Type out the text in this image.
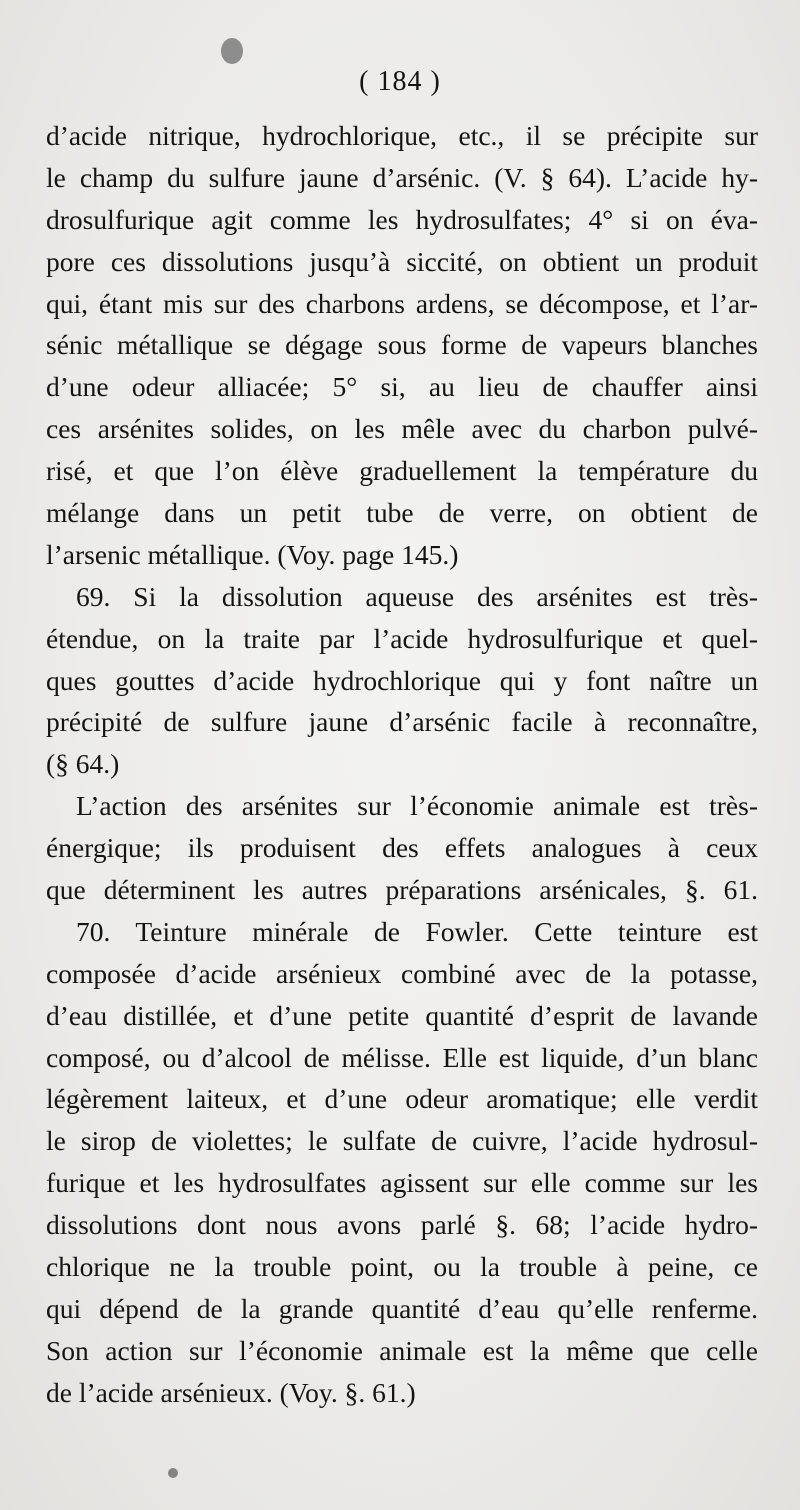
( 184 )
d’acide nitrique, hydrochlorique, etc., il se précipite sur
le champ du sulfure jaune d’arsénic. (V. § 64). L’acide hy-
drosulfurique agit comme les hydrosulfates; 4° si on éva-
pore ces dissolutions jusqu’à siccité, on obtient un produit
qui, étant mis sur des charbons ardens, se décompose, et l’ar-
sénic métallique se dégage sous forme de vapeurs blanches
d’une odeur alliacée; 5° si, au lieu de chauffer ainsi
ces arsénites solides, on les mêle avec du charbon pulvé-
risé, et que l’on élève graduellement la température du
mélange dans un petit tube de verre, on obtient de
l’arsenic métallique. (Voy. page 145.)
69. Si la dissolution aqueuse des arsénites est très-
étendue, on la traite par l’acide hydrosulfurique et quel-
ques gouttes d’acide hydrochlorique qui y font naître un
précipité de sulfure jaune d’arsénic facile à reconnaître,
(§ 64.)
L’action des arsénites sur l’économie animale est très-
énergique; ils produisent des effets analogues à ceux
que déterminent les autres préparations arsénicales, §. 61.
70. Teinture minérale de Fowler. Cette teinture est
composée d’acide arsénieux combiné avec de la potasse,
d’eau distillée, et d’une petite quantité d’esprit de lavande
composé, ou d’alcool de mélisse. Elle est liquide, d’un blanc
légèrement laiteux, et d’une odeur aromatique; elle verdit
le sirop de violettes; le sulfate de cuivre, l’acide hydrosul-
furique et les hydrosulfates agissent sur elle comme sur les
dissolutions dont nous avons parlé §. 68; l’acide hydro-
chlorique ne la trouble point, ou la trouble à peine, ce
qui dépend de la grande quantité d’eau qu’elle renferme.
Son action sur l’économie animale est la même que celle
de l’acide arsénieux. (Voy. §. 61.)
